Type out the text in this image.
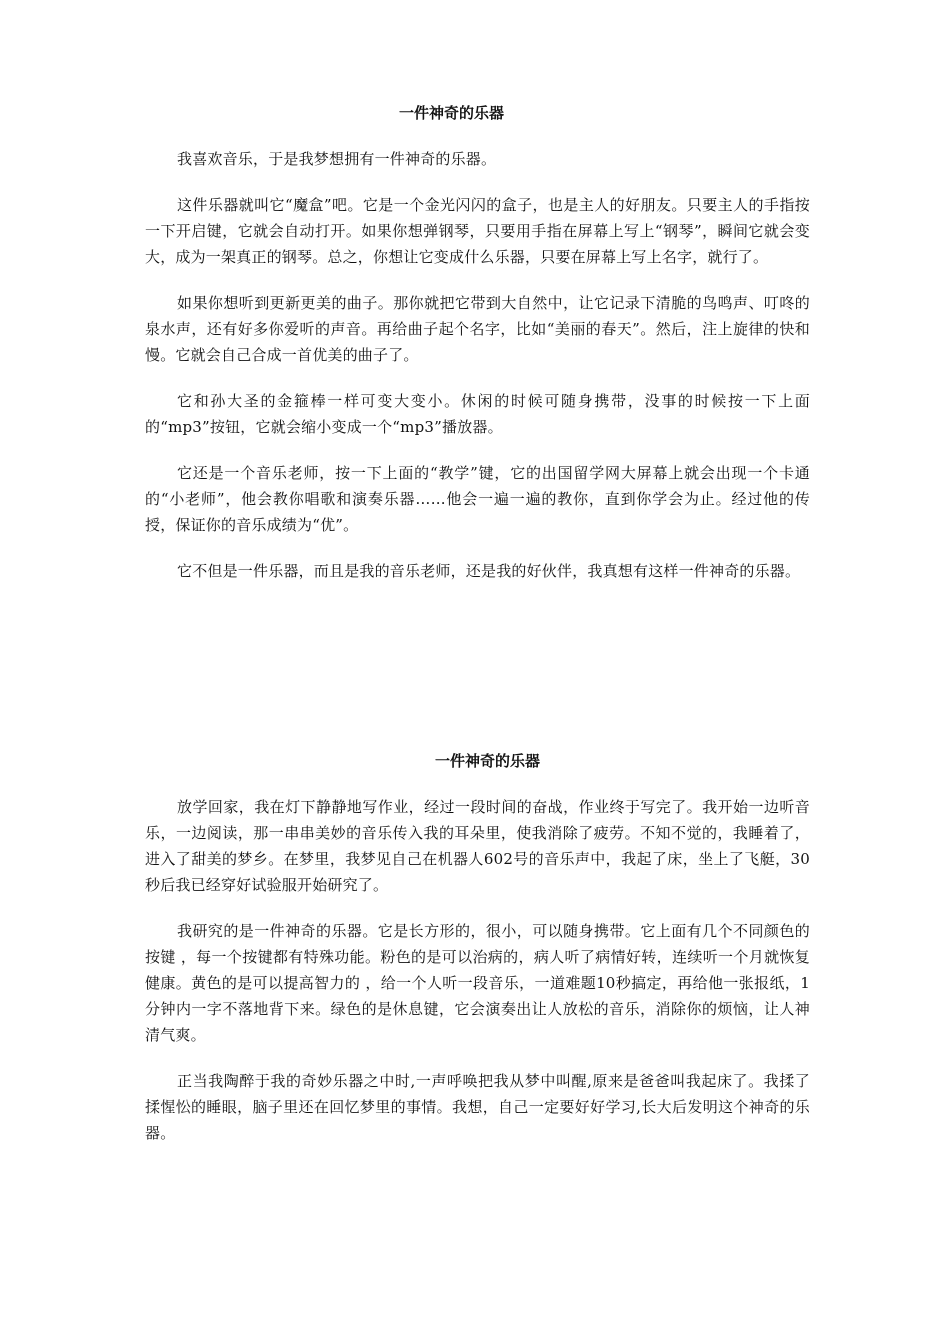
一件神奇的乐器

我喜欢音乐，于是我梦想拥有一件神奇的乐器。

这件乐器就叫它“魔盒”吧。它是一个金光闪闪的盒子，也是主人的好朋友。只要主人的手指按一下开启键，它就会自动打开。如果你想弹钢琴，只要用手指在屏幕上写上“钢琴”，瞬间它就会变大，成为一架真正的钢琴。总之，你想让它变成什么乐器，只要在屏幕上写上名字，就行了。

如果你想听到更新更美的曲子。那你就把它带到大自然中，让它记录下清脆的鸟鸣声、叮咚的泉水声，还有好多你爱听的声音。再给曲子起个名字，比如“美丽的春天”。然后，注上旋律的快和慢。它就会自己合成一首优美的曲子了。

它和孙大圣的金箍棒一样可变大变小。休闲的时候可随身携带，没事的时候按一下上面的“mp3”按钮，它就会缩小变成一个“mp3”播放器。

它还是一个音乐老师，按一下上面的“教学”键，它的出国留学网大屏幕上就会出现一个卡通的“小老师”，他会教你唱歌和演奏乐器……他会一遍一遍的教你，直到你学会为止。经过他的传授，保证你的音乐成绩为“优”。

它不但是一件乐器，而且是我的音乐老师，还是我的好伙伴，我真想有这样一件神奇的乐器。

一件神奇的乐器

放学回家，我在灯下静静地写作业，经过一段时间的奋战，作业终于写完了。我开始一边听音乐，一边阅读，那一串串美妙的音乐传入我的耳朵里，使我消除了疲劳。不知不觉的，我睡着了，进入了甜美的梦乡。在梦里，我梦见自己在机器人602号的音乐声中，我起了床，坐上了飞艇，30秒后我已经穿好试验服开始研究了。

我研究的是一件神奇的乐器。它是长方形的，很小，可以随身携带。它上面有几个不同颜色的按键 ，每一个按键都有特殊功能。粉色的是可以治病的，病人听了病情好转，连续听一个月就恢复健康。黄色的是可以提高智力的 ，给一个人听一段音乐，一道难题10秒搞定，再给他一张报纸，1分钟内一字不落地背下来。绿色的是休息键，它会演奏出让人放松的音乐，消除你的烦恼，让人神清气爽。

正当我陶醉于我的奇妙乐器之中时,一声呼唤把我从梦中叫醒,原来是爸爸叫我起床了。我揉了揉惺忪的睡眼，脑子里还在回忆梦里的事情。我想，自己一定要好好学习,长大后发明这个神奇的乐器。
